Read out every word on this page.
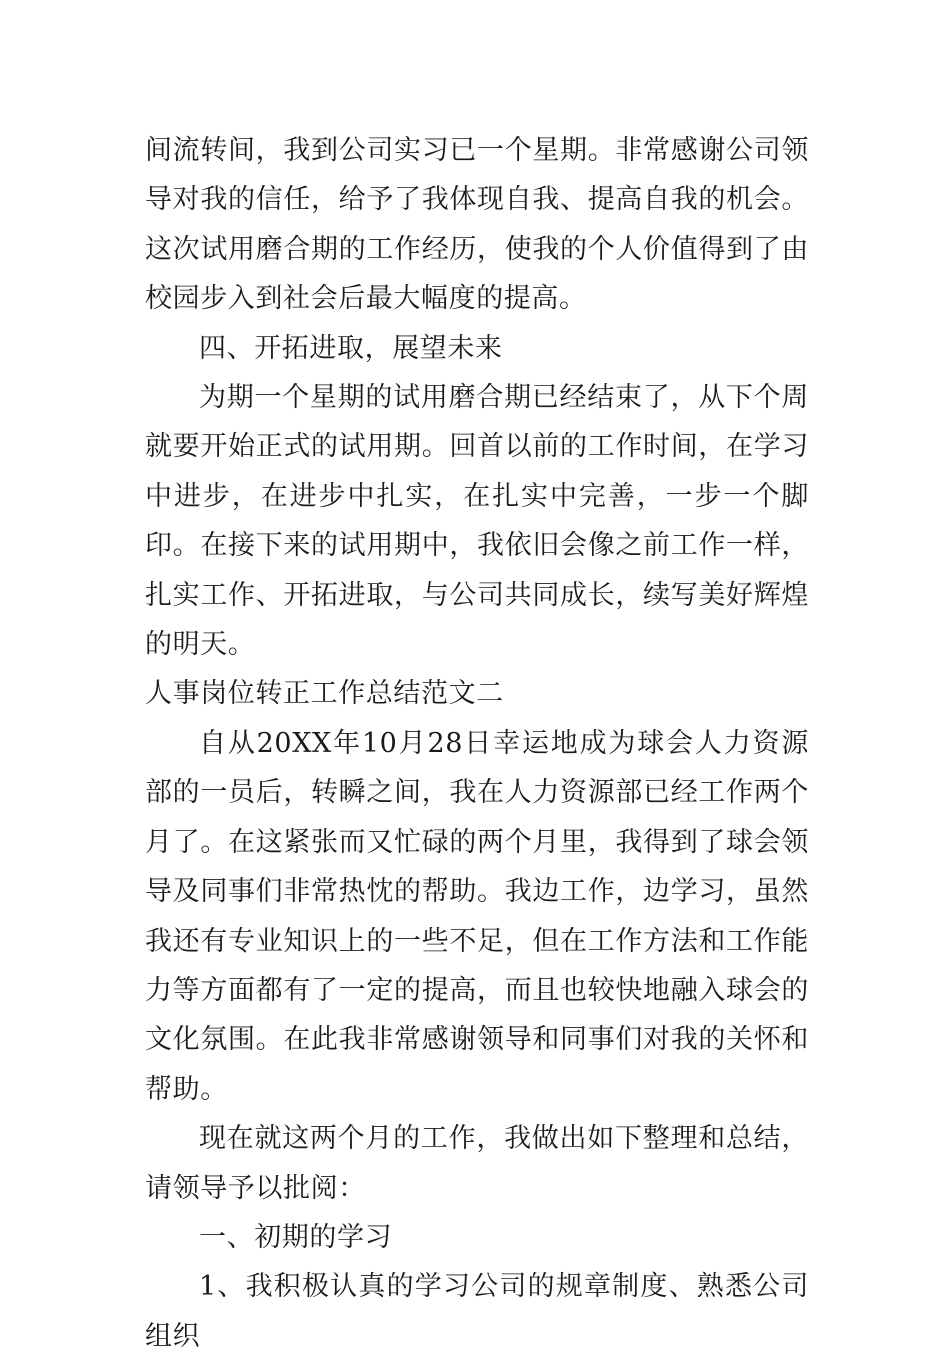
间流转间，我到公司实习已一个星期。非常感谢公司领导对我的信任，给予了我体现自我、提高自我的机会。这次试用磨合期的工作经历，使我的个人价值得到了由校园步入到社会后最大幅度的提高。

四、开拓进取，展望未来

为期一个星期的试用磨合期已经结束了，从下个周就要开始正式的试用期。回首以前的工作时间，在学习中进步，在进步中扎实，在扎实中完善，一步一个脚印。在接下来的试用期中，我依旧会像之前工作一样，扎实工作、开拓进取，与公司共同成长，续写美好辉煌的明天。

人事岗位转正工作总结范文二

自从20XX年10月28日幸运地成为球会人力资源部的一员后，转瞬之间，我在人力资源部已经工作两个月了。在这紧张而又忙碌的两个月里，我得到了球会领导及同事们非常热忱的帮助。我边工作，边学习，虽然我还有专业知识上的一些不足，但在工作方法和工作能力等方面都有了一定的提高，而且也较快地融入球会的文化氛围。在此我非常感谢领导和同事们对我的关怀和帮助。

现在就这两个月的工作，我做出如下整理和总结，请领导予以批阅：

一、初期的学习

1、我积极认真的学习公司的规章制度、熟悉公司组织
